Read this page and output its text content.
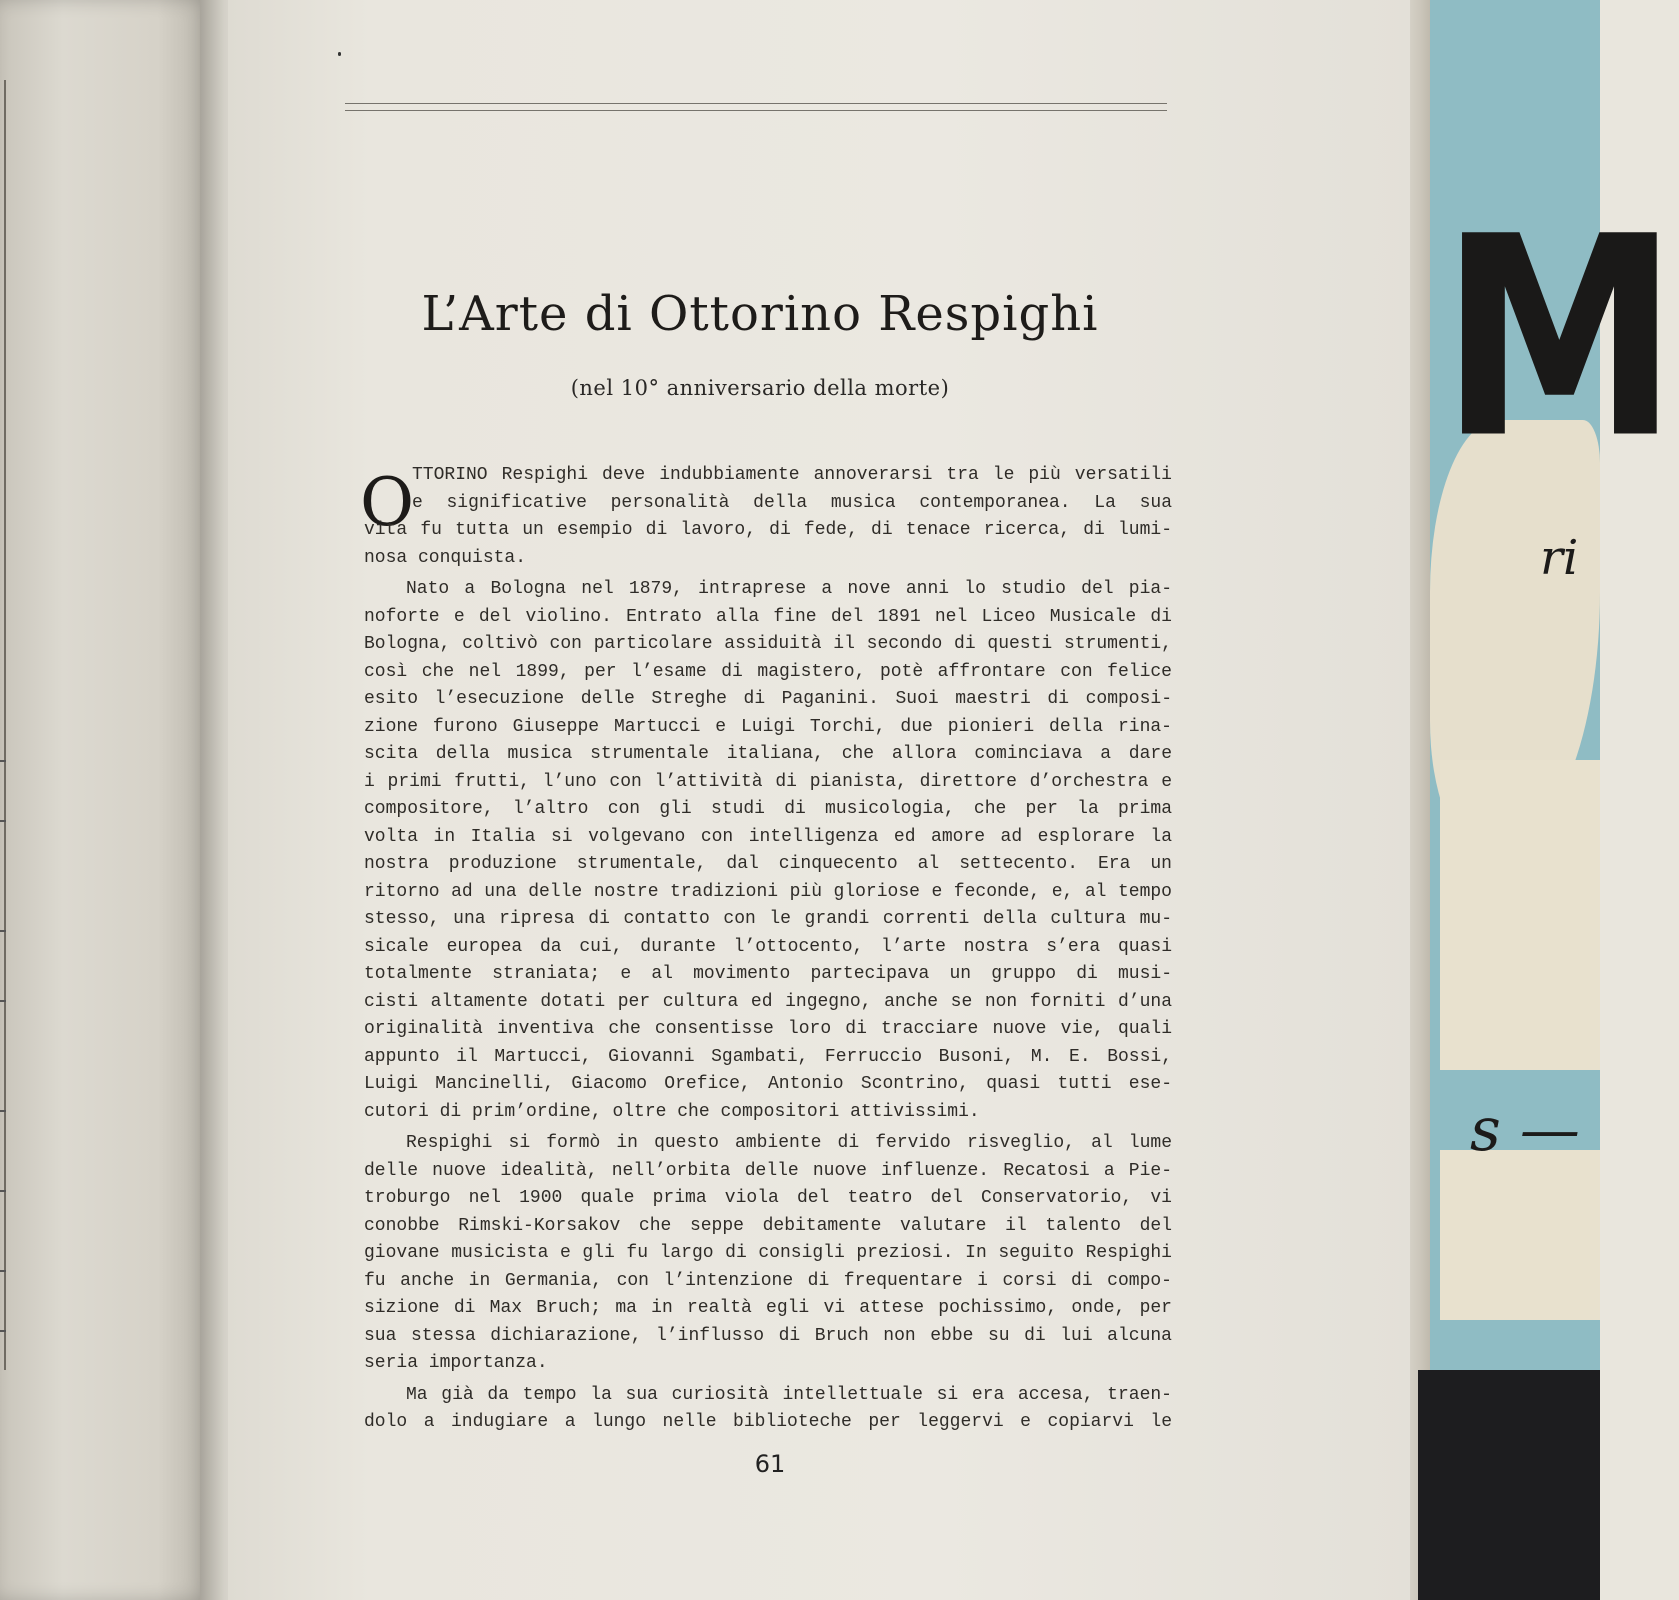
L’Arte di Ottorino Respighi
(nel 10° anniversario della morte)
O
TTORINO Respighi deve indubbiamente annoverarsi tra le più versatili
e significative personalità della musica contemporanea. La sua
vita fu tutta un esempio di lavoro, di fede, di tenace ricerca, di lumi-
nosa conquista.
Nato a Bologna nel 1879, intraprese a nove anni lo studio del pia-
noforte e del violino. Entrato alla fine del 1891 nel Liceo Musicale di
Bologna, coltivò con particolare assiduità il secondo di questi strumenti,
così che nel 1899, per l’esame di magistero, potè affrontare con felice
esito l’esecuzione delle Streghe di Paganini. Suoi maestri di composi-
zione furono Giuseppe Martucci e Luigi Torchi, due pionieri della rina-
scita della musica strumentale italiana, che allora cominciava a dare
i primi frutti, l’uno con l’attività di pianista, direttore d’orchestra e
compositore, l’altro con gli studi di musicologia, che per la prima
volta in Italia si volgevano con intelligenza ed amore ad esplorare la
nostra produzione strumentale, dal cinquecento al settecento. Era un
ritorno ad una delle nostre tradizioni più gloriose e feconde, e, al tempo
stesso, una ripresa di contatto con le grandi correnti della cultura mu-
sicale europea da cui, durante l’ottocento, l’arte nostra s’era quasi
totalmente straniata; e al movimento partecipava un gruppo di musi-
cisti altamente dotati per cultura ed ingegno, anche se non forniti d’una
originalità inventiva che consentisse loro di tracciare nuove vie, quali
appunto il Martucci, Giovanni Sgambati, Ferruccio Busoni, M. E. Bossi,
Luigi Mancinelli, Giacomo Orefice, Antonio Scontrino, quasi tutti ese-
cutori di prim’ordine, oltre che compositori attivissimi.
Respighi si formò in questo ambiente di fervido risveglio, al lume
delle nuove idealità, nell’orbita delle nuove influenze. Recatosi a Pie-
troburgo nel 1900 quale prima viola del teatro del Conservatorio, vi
conobbe Rimski-Korsakov che seppe debitamente valutare il talento del
giovane musicista e gli fu largo di consigli preziosi. In seguito Respighi
fu anche in Germania, con l’intenzione di frequentare i corsi di compo-
sizione di Max Bruch; ma in realtà egli vi attese pochissimo, onde, per
sua stessa dichiarazione, l’influsso di Bruch non ebbe su di lui alcuna
seria importanza.
Ma già da tempo la sua curiosità intellettuale si era accesa, traen-
dolo a indugiare a lungo nelle biblioteche per leggervi e copiarvi le
61
M
ri
s —
